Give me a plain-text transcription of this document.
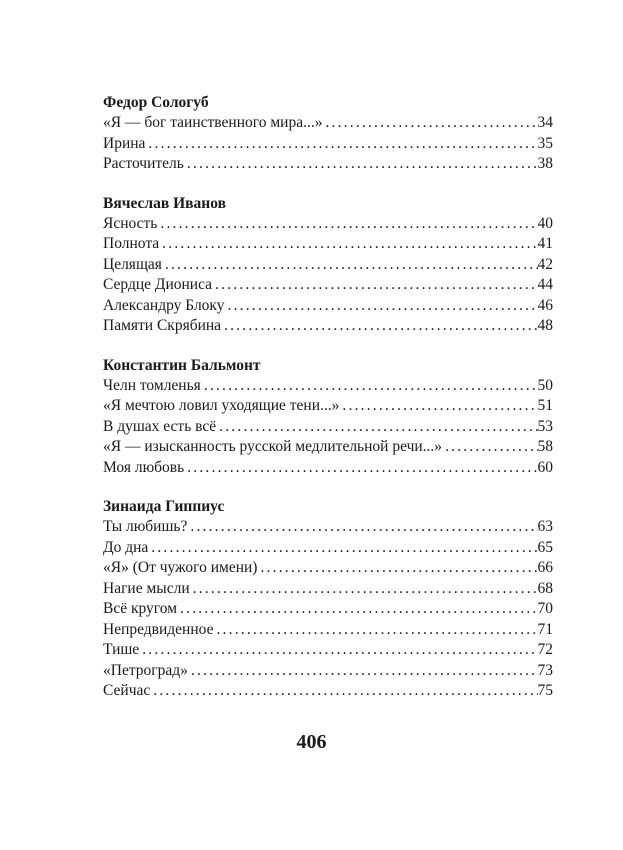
Федор Сологуб
«Я — бог таинственного мира...» .....	34
Ирина .....	35
Расточитель .....	38
Вячеслав Иванов
Ясность .....	40
Полнота .....	41
Целящая .....	42
Сердце Диониса .....	44
Александру Блоку .....	46
Памяти Скрябина .....	48
Константин Бальмонт
Челн томленья .....	50
«Я мечтою ловил уходящие тени...» .....	51
В душах есть всё .....	53
«Я — изысканность русской медлительной речи...» .....	58
Моя любовь .....	60
Зинаида Гиппиус
Ты любишь? .....	63
До дна .....	65
«Я» (От чужого имени) .....	66
Нагие мысли .....	68
Всё кругом .....	70
Непредвиденное .....	71
Тише .....	72
«Петроград» .....	73
Сейчас .....	75
406
